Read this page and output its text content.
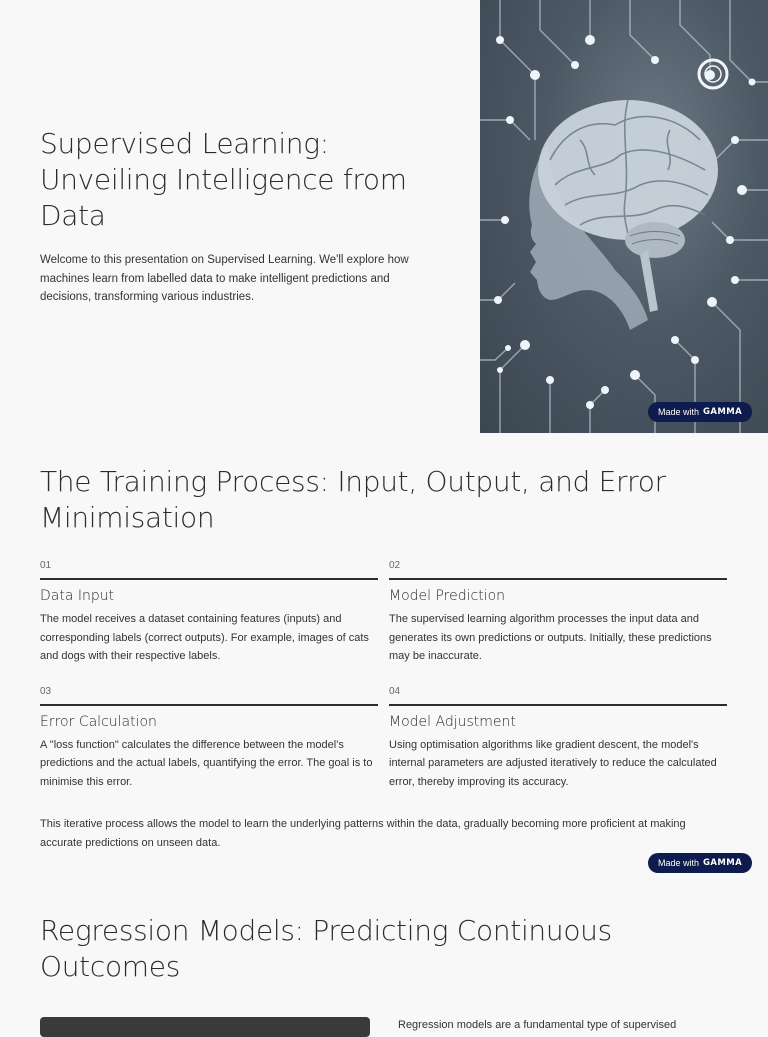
Supervised Learning: Unveiling Intelligence from Data

Welcome to this presentation on Supervised Learning. We'll explore how machines learn from labelled data to make intelligent predictions and decisions, transforming various industries.

Made with GAMMA
The Training Process: Input, Output, and Error Minimisation
01
Data Input
The model receives a dataset containing features (inputs) and corresponding labels (correct outputs). For example, images of cats and dogs with their respective labels.
02
Model Prediction
The supervised learning algorithm processes the input data and generates its own predictions or outputs. Initially, these predictions may be inaccurate.
03
Error Calculation
A "loss function" calculates the difference between the model's predictions and the actual labels, quantifying the error. The goal is to minimise this error.
04
Model Adjustment
Using optimisation algorithms like gradient descent, the model's internal parameters are adjusted iteratively to reduce the calculated error, thereby improving its accuracy.

This iterative process allows the model to learn the underlying patterns within the data, gradually becoming more proficient at making accurate predictions on unseen data.

Made with GAMMA
Regression Models: Predicting Continuous Outcomes

Regression models are a fundamental type of supervised
